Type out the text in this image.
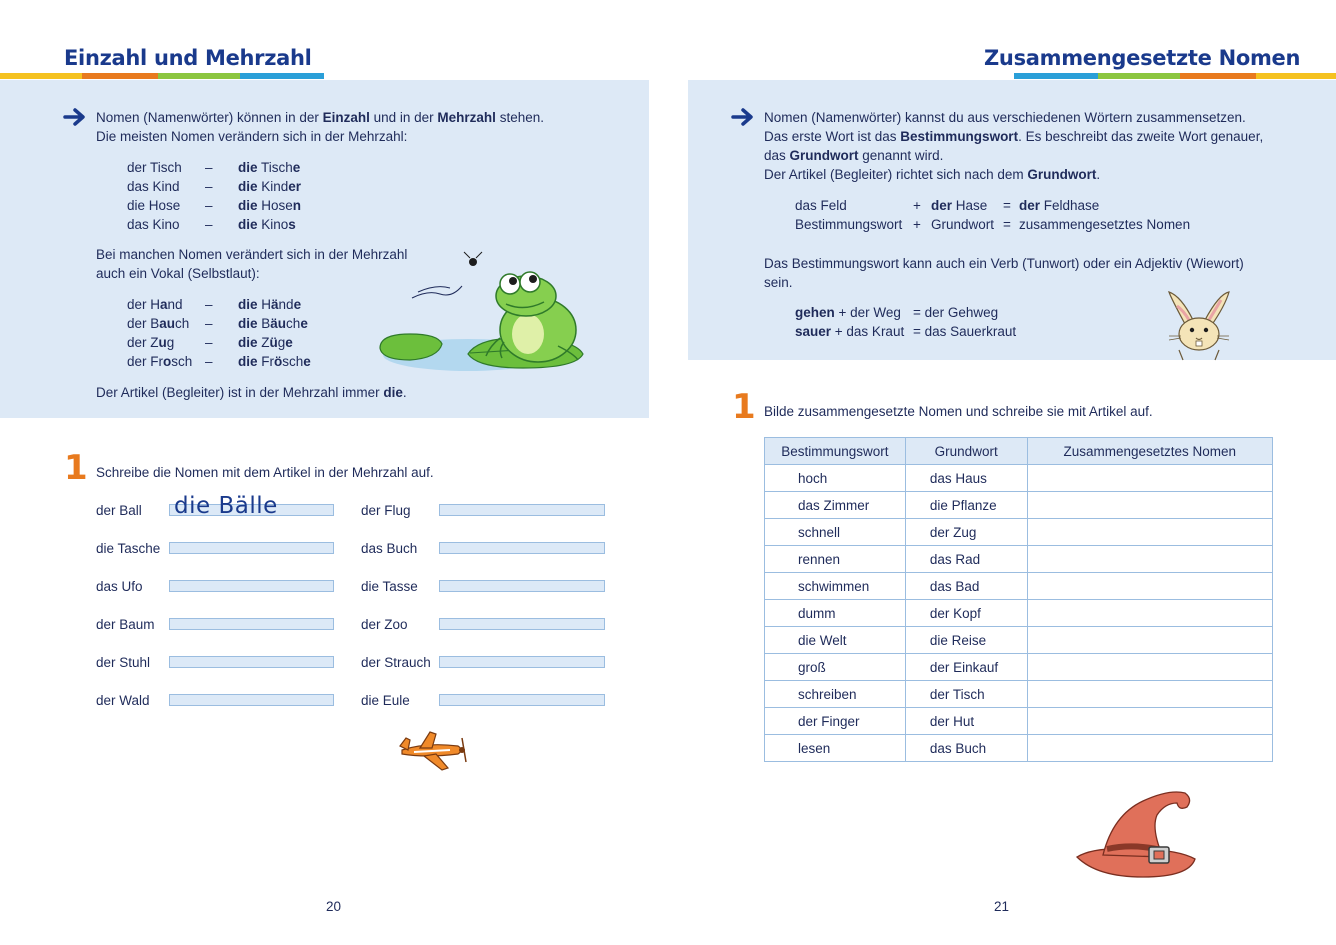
Einzahl und Mehrzahl
Nomen (Namenwörter) können in der Einzahl und in der Mehrzahl stehen.
Die meisten Nomen verändern sich in der Mehrzahl:
der Tisch – die Tische
das Kind – die Kinder
die Hose – die Hosen
das Kino – die Kinos
Bei manchen Nomen verändert sich in der Mehrzahl
auch ein Vokal (Selbstlaut):
der Hand – die Hände
der Bauch – die Bäuche
der Zug – die Züge
der Frosch – die Frösche
Der Artikel (Begleiter) ist in der Mehrzahl immer die.
1 Schreibe die Nomen mit dem Artikel in der Mehrzahl auf.
der Ball die Bälle	der Flug
die Tasche	das Buch
das Ufo	die Tasse
der Baum	der Zoo
der Stuhl	der Strauch
der Wald	die Eule
20
Zusammengesetzte Nomen
Nomen (Namenwörter) kannst du aus verschiedenen Wörtern zusammensetzen.
Das erste Wort ist das Bestimmungswort. Es beschreibt das zweite Wort genauer,
das Grundwort genannt wird.
Der Artikel (Begleiter) richtet sich nach dem Grundwort.
das Feld	+ der Hase = der Feldhase
Bestimmungswort + Grundwort = zusammengesetztes Nomen
Das Bestimmungswort kann auch ein Verb (Tunwort) oder ein Adjektiv (Wiewort)
sein.
gehen + der Weg = der Gehweg
sauer + das Kraut = das Sauerkraut
1 Bilde zusammengesetzte Nomen und schreibe sie mit Artikel auf.
Bestimmungswort	Grundwort	Zusammengesetztes Nomen
hoch	das Haus	
das Zimmer	die Pflanze	
schnell	der Zug	
rennen	das Rad	
schwimmen	das Bad	
dumm	der Kopf	
die Welt	die Reise	
groß	der Einkauf	
schreiben	der Tisch	
der Finger	der Hut	
lesen	das Buch	
21
